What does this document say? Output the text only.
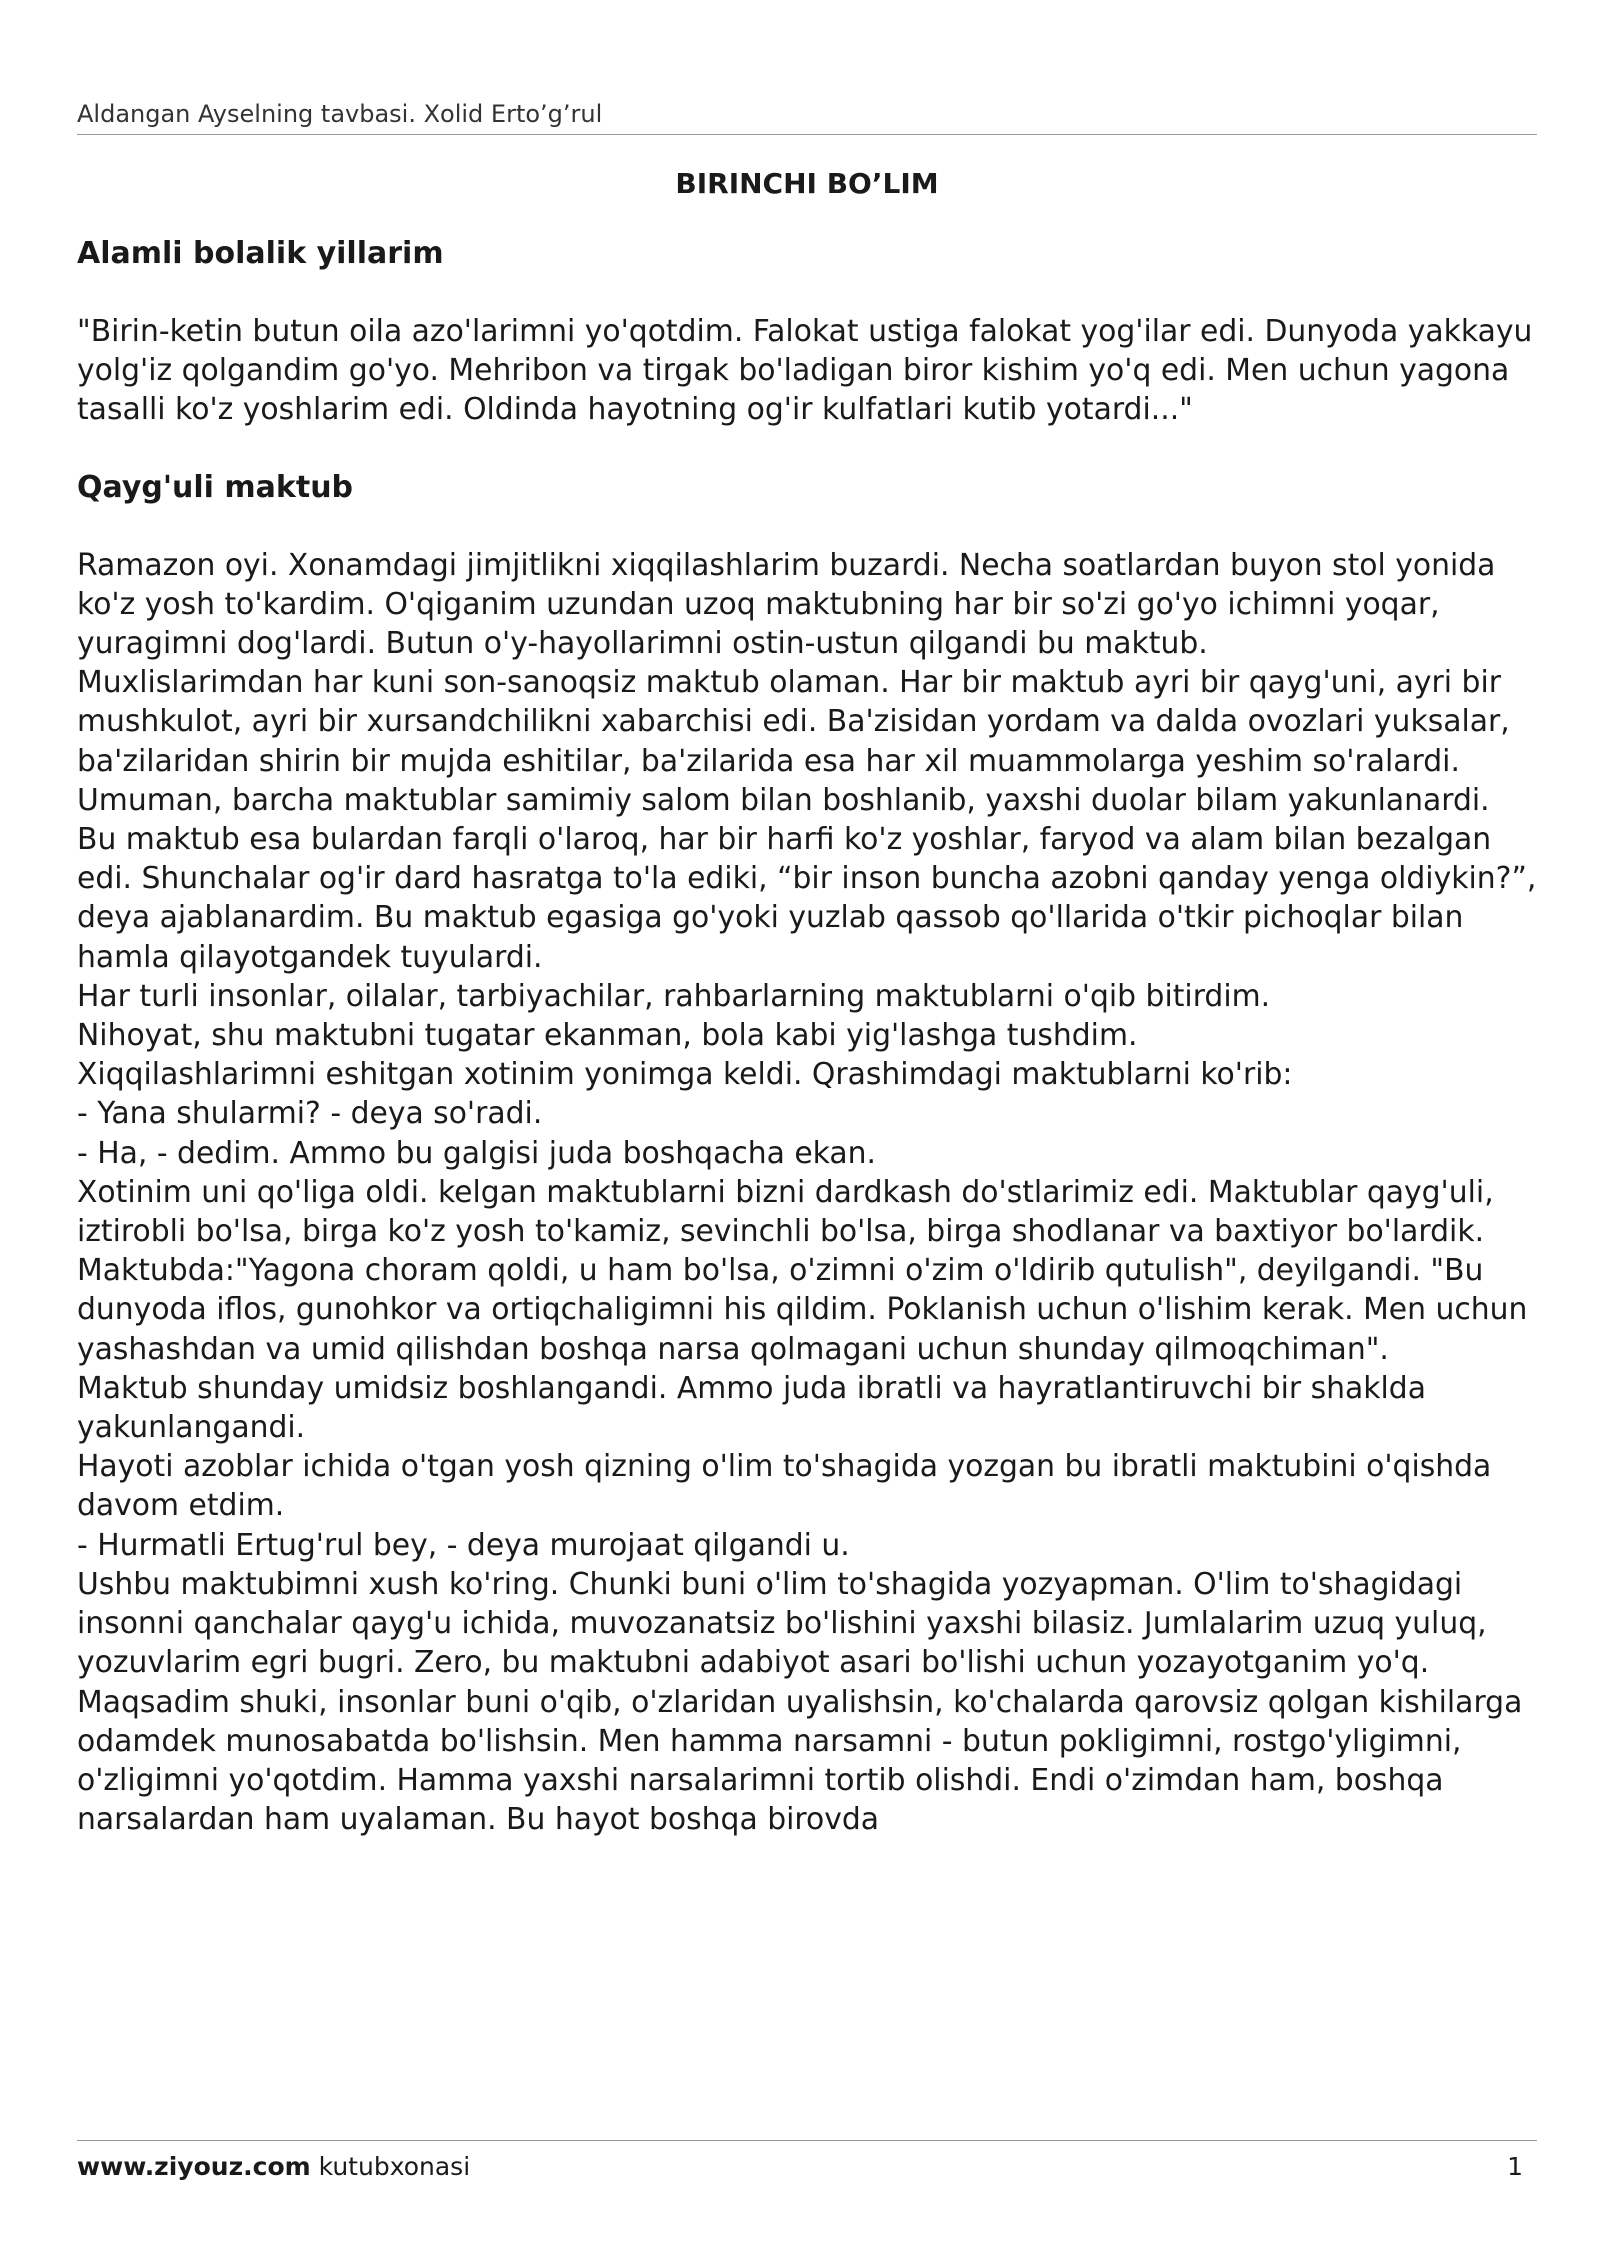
Aldangan Ayselning tavbasi. Xolid Erto’g’rul
BIRINCHI BO’LIM
Alamli bolalik yillarim

"Birin-ketin butun oila azo'larimni yo'qotdim. Falokat ustiga falokat yog'ilar edi. Dunyoda yakkayu yolg'iz qolgandim go'yo. Mehribon va tirgak bo'ladigan biror kishim yo'q edi. Men uchun yagona tasalli ko'z yoshlarim edi. Oldinda hayotning og'ir kulfatlari kutib yotardi..."

Qayg'uli maktub

Ramazon oyi. Xonamdagi jimjitlikni xiqqilashlarim buzardi. Necha soatlardan buyon stol yonida ko'z yosh to'kardim. O'qiganim uzundan uzoq maktubning har bir so'zi go'yo ichimni yoqar, yuragimni dog'lardi. Butun o'y-hayollarimni ostin-ustun qilgandi bu maktub.

Muxlislarimdan har kuni son-sanoqsiz maktub olaman. Har bir maktub ayri bir qayg'uni, ayri bir mushkulot, ayri bir xursandchilikni xabarchisi edi. Ba'zisidan yordam va dalda ovozlari yuksalar, ba'zilaridan shirin bir mujda eshitilar, ba'zilarida esa har xil muammolarga yeshim so'ralardi. Umuman, barcha maktublar samimiy salom bilan boshlanib, yaxshi duolar bilam yakunlanardi.

Bu maktub esa bulardan farqli o'laroq, har bir harfi ko'z yoshlar, faryod va alam bilan bezalgan edi. Shunchalar og'ir dard hasratga to'la ediki, “bir inson buncha azobni qanday yenga oldiykin?”, deya ajablanardim. Bu maktub egasiga go'yoki yuzlab qassob qo'llarida o'tkir pichoqlar bilan hamla qilayotgandek tuyulardi.

Har turli insonlar, oilalar, tarbiyachilar, rahbarlarning maktublarni o'qib bitirdim.

Nihoyat, shu maktubni tugatar ekanman, bola kabi yig'lashga tushdim.

Xiqqilashlarimni eshitgan xotinim yonimga keldi. Qrashimdagi maktublarni ko'rib:

- Yana shularmi? - deya so'radi.

- Ha, - dedim. Ammo bu galgisi juda boshqacha ekan.

Xotinim uni qo'liga oldi. kelgan maktublarni bizni dardkash do'stlarimiz edi. Maktublar qayg'uli, iztirobli bo'lsa, birga ko'z yosh to'kamiz, sevinchli bo'lsa, birga shodlanar va baxtiyor bo'lardik.

Maktubda:"Yagona choram qoldi, u ham bo'lsa, o'zimni o'zim o'ldirib qutulish", deyilgandi. "Bu dunyoda iflos, gunohkor va ortiqchaligimni his qildim. Poklanish uchun o'lishim kerak. Men uchun yashashdan va umid qilishdan boshqa narsa qolmagani uchun shunday qilmoqchiman".

Maktub shunday umidsiz boshlangandi. Ammo juda ibratli va hayratlantiruvchi bir shaklda yakunlangandi.

Hayoti azoblar ichida o'tgan yosh qizning o'lim to'shagida yozgan bu ibratli maktubini o'qishda davom etdim.

- Hurmatli Ertug'rul bey, - deya murojaat qilgandi u.

Ushbu maktubimni xush ko'ring. Chunki buni o'lim to'shagida yozyapman. O'lim to'shagidagi insonni qanchalar qayg'u ichida, muvozanatsiz bo'lishini yaxshi bilasiz. Jumlalarim uzuq yuluq, yozuvlarim egri bugri. Zero, bu maktubni adabiyot asari bo'lishi uchun yozayotganim yo'q.

Maqsadim shuki, insonlar buni o'qib, o'zlaridan uyalishsin, ko'chalarda qarovsiz qolgan kishilarga odamdek munosabatda bo'lishsin. Men hamma narsamni - butun pokligimni, rostgo'yligimni, o'zligimni yo'qotdim. Hamma yaxshi narsalarimni tortib olishdi. Endi o'zimdan ham, boshqa narsalardan ham uyalaman. Bu hayot boshqa birovda

www.ziyouz.com kutubxonasi	1
